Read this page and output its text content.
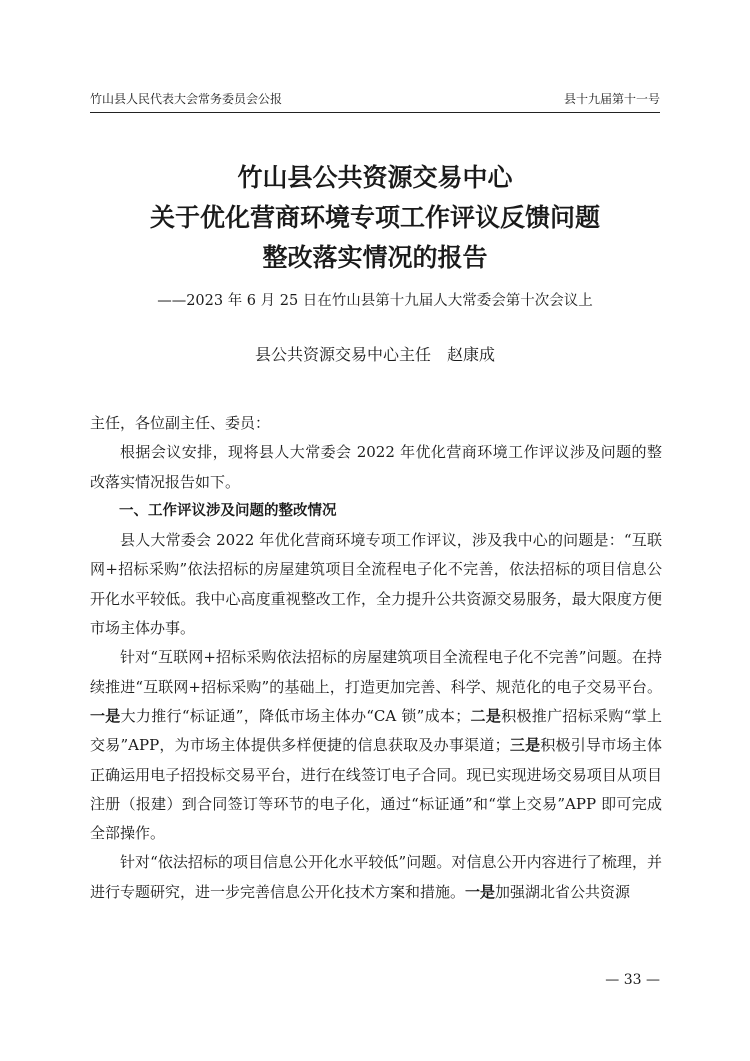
竹山县人民代表大会常务委员会公报	县十九届第十一号
竹山县公共资源交易中心
关于优化营商环境专项工作评议反馈问题
整改落实情况的报告
——2023 年 6 月 25 日在竹山县第十九届人大常委会第十次会议上
县公共资源交易中心主任　赵康成

主任，各位副主任、委员：

根据会议安排，现将县人大常委会 2022 年优化营商环境工作评议涉及问题的整改落实情况报告如下。

一、工作评议涉及问题的整改情况

县人大常委会 2022 年优化营商环境专项工作评议，涉及我中心的问题是：“互联网+招标采购”依法招标的房屋建筑项目全流程电子化不完善，依法招标的项目信息公开化水平较低。我中心高度重视整改工作，全力提升公共资源交易服务，最大限度方便市场主体办事。

针对“互联网+招标采购依法招标的房屋建筑项目全流程电子化不完善”问题。在持续推进“互联网+招标采购”的基础上，打造更加完善、科学、规范化的电子交易平台。一是大力推行“标证通”，降低市场主体办“CA 锁”成本；二是积极推广招标采购“掌上交易”APP，为市场主体提供多样便捷的信息获取及办事渠道；三是积极引导市场主体正确运用电子招投标交易平台，进行在线签订电子合同。现已实现进场交易项目从项目注册（报建）到合同签订等环节的电子化，通过“标证通”和“掌上交易”APP 即可完成全部操作。

针对“依法招标的项目信息公开化水平较低”问题。对信息公开内容进行了梳理，并进行专题研究，进一步完善信息公开化技术方案和措施。一是加强湖北省公共资源

— 33 —
